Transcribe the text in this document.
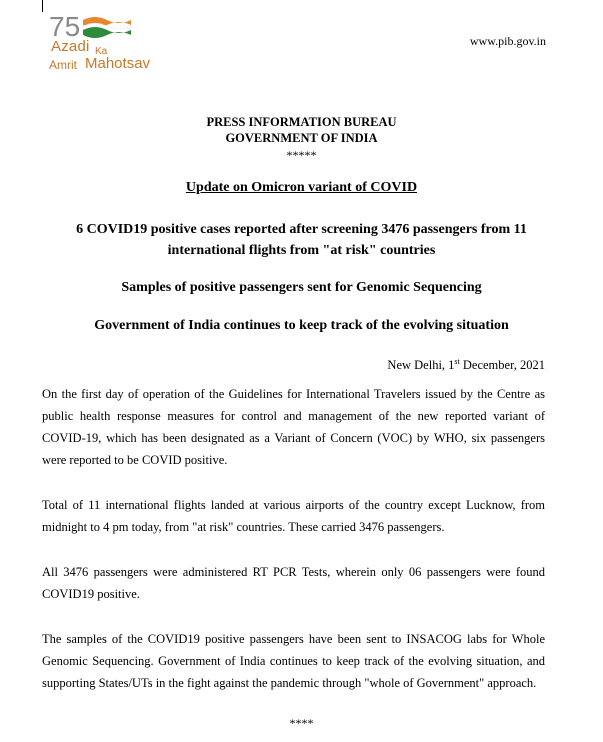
75
Azadi Ka
Amrit Mahotsav
www.pib.gov.in
PRESS INFORMATION BUREAU
GOVERNMENT OF INDIA
*****
Update on Omicron variant of COVID
6 COVID19 positive cases reported after screening 3476 passengers from 11 international flights from "at risk" countries
Samples of positive passengers sent for Genomic Sequencing
Government of India continues to keep track of the evolving situation
New Delhi, 1st December, 2021
On the first day of operation of the Guidelines for International Travelers issued by the Centre as public health response measures for control and management of the new reported variant of COVID-19, which has been designated as a Variant of Concern (VOC) by WHO, six passengers were reported to be COVID positive.
Total of 11 international flights landed at various airports of the country except Lucknow, from midnight to 4 pm today, from "at risk" countries. These carried 3476 passengers.
All 3476 passengers were administered RT PCR Tests, wherein only 06 passengers were found COVID19 positive.
The samples of the COVID19 positive passengers have been sent to INSACOG labs for Whole Genomic Sequencing. Government of India continues to keep track of the evolving situation, and supporting States/UTs in the fight against the pandemic through "whole of Government" approach.
****
